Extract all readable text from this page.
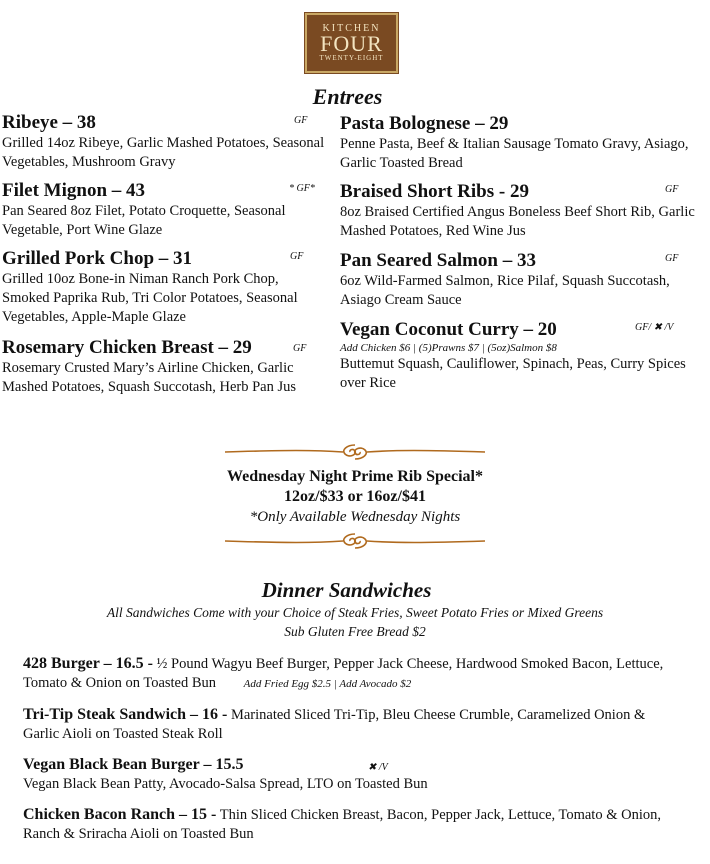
KITCHEN
FOUR
TWENTY-EIGHT
Entrees
Ribeye – 38	GF
Grilled 14oz Ribeye, Garlic Mashed Potatoes, Seasonal Vegetables, Mushroom Gravy
Filet Mignon – 43	* GF*
Pan Seared 8oz Filet, Potato Croquette, Seasonal Vegetable, Port Wine Glaze
Grilled Pork Chop – 31	GF
Grilled 10oz Bone-in Niman Ranch Pork Chop, Smoked Paprika Rub, Tri Color Potatoes, Seasonal Vegetables, Apple-Maple Glaze
Rosemary Chicken Breast – 29	GF
Rosemary Crusted Mary’s Airline Chicken, Garlic Mashed Potatoes, Squash Succotash, Herb Pan Jus
Pasta Bolognese – 29
Penne Pasta, Beef & Italian Sausage Tomato Gravy, Asiago, Garlic Toasted Bread
Braised Short Ribs - 29	GF
8oz Braised Certified Angus Boneless Beef Short Rib, Garlic Mashed Potatoes, Red Wine Jus
Pan Seared Salmon – 33	GF
6oz Wild-Farmed Salmon, Rice Pilaf, Squash Succotash, Asiago Cream Sauce
Vegan Coconut Curry – 20	GF/ ✖ /V
Add Chicken $6 | (5)Prawns $7 | (5oz)Salmon $8
Buttemut Squash, Cauliflower, Spinach, Peas, Curry Spices over Rice
Wednesday Night Prime Rib Special*
12oz/$33 or 16oz/$41
*Only Available Wednesday Nights
Dinner Sandwiches
All Sandwiches Come with your Choice of Steak Fries, Sweet Potato Fries or Mixed Greens
Sub Gluten Free Bread $2
428 Burger – 16.5 - ½ Pound Wagyu Beef Burger, Pepper Jack Cheese, Hardwood Smoked Bacon, Lettuce, Tomato & Onion on Toasted Bun	Add Fried Egg $2.5 | Add Avocado $2
Tri-Tip Steak Sandwich – 16 - Marinated Sliced Tri-Tip, Bleu Cheese Crumble, Caramelized Onion & Garlic Aioli on Toasted Steak Roll
Vegan Black Bean Burger – 15.5	✖ /V
Vegan Black Bean Patty, Avocado-Salsa Spread, LTO on Toasted Bun
Chicken Bacon Ranch – 15 - Thin Sliced Chicken Breast, Bacon, Pepper Jack, Lettuce, Tomato & Onion, Ranch & Sriracha Aioli on Toasted Bun
